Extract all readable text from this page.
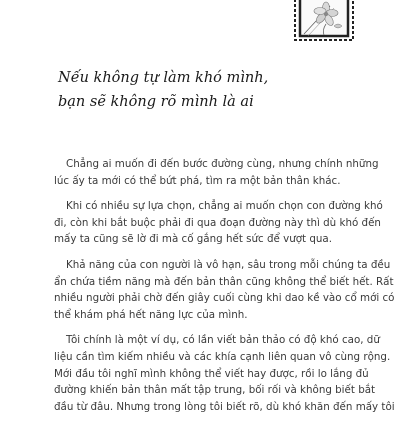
Nếu không tự làm khó mình,
bạn sẽ không rõ mình là ai

Chẳng ai muốn đi đến bước đường cùng, nhưng chính những
lúc ấy ta mới có thể bứt phá, tìm ra một bản thân khác.

Khi có nhiều sự lựa chọn, chẳng ai muốn chọn con đường khó
đi, còn khi bắt buộc phải đi qua đoạn đường này thì dù khó đến
mấy ta cũng sẽ lờ đi mà cố gắng hết sức để vượt qua.

Khả năng của con người là vô hạn, sâu trong mỗi chúng ta đều
ẩn chứa tiềm năng mà đến bản thân cũng không thể biết hết. Rất
nhiều người phải chờ đến giây cuối cùng khi dao kề vào cổ mới có
thể khám phá hết năng lực của mình.

Tôi chính là một ví dụ, có lần viết bản thảo có độ khó cao, dữ
liệu cần tìm kiếm nhiều và các khía cạnh liên quan vô cùng rộng.
Mới đầu tôi nghĩ mình không thể viết hay được, rồi lo lắng đủ
đường khiến bản thân mất tập trung, bối rối và không biết bắt
đầu từ đâu. Nhưng trong lòng tôi biết rõ, dù khó khăn đến mấy tôi
